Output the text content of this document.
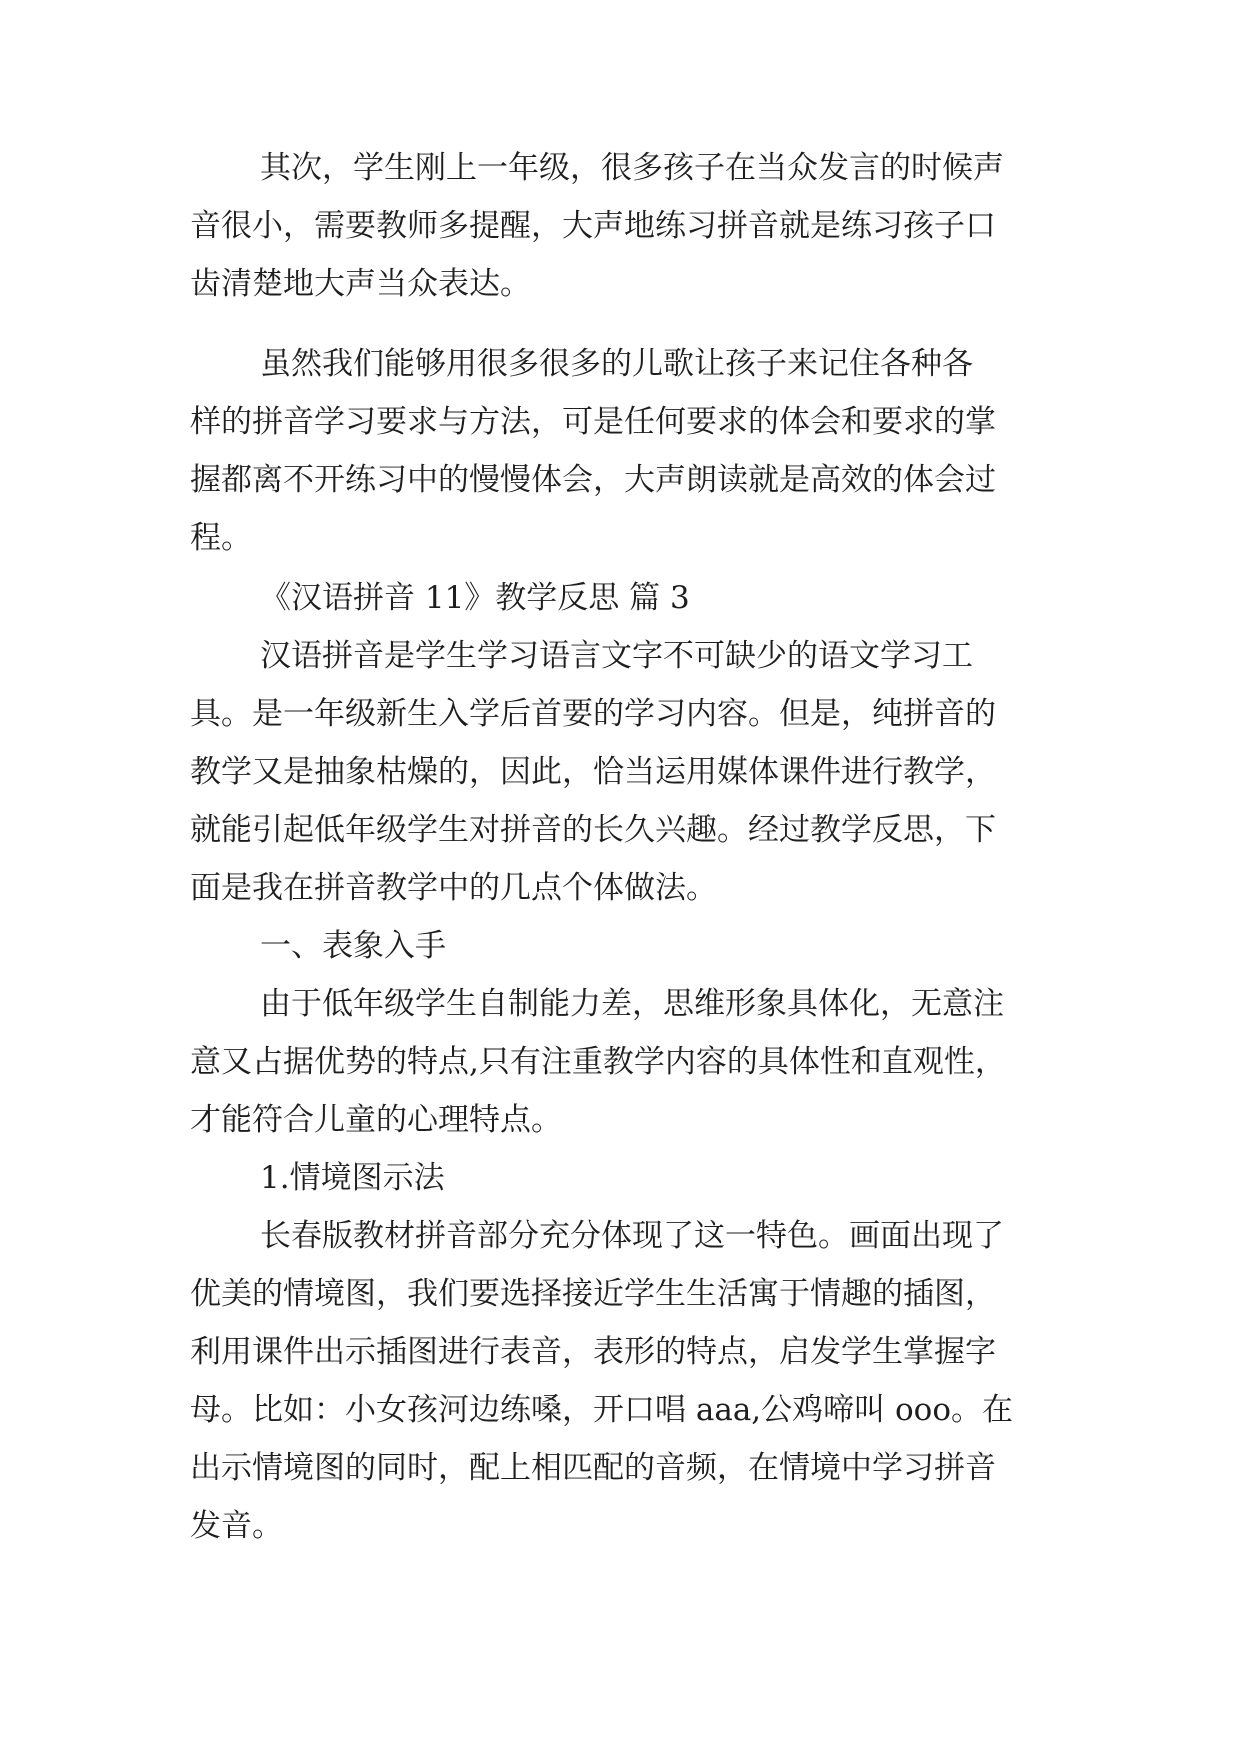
其次，学生刚上一年级，很多孩子在当众发言的时候声
音很小，需要教师多提醒，大声地练习拼音就是练习孩子口
齿清楚地大声当众表达。
虽然我们能够用很多很多的儿歌让孩子来记住各种各
样的拼音学习要求与方法，可是任何要求的体会和要求的掌
握都离不开练习中的慢慢体会，大声朗读就是高效的体会过
程。
《汉语拼音 11》教学反思 篇 3
汉语拼音是学生学习语言文字不可缺少的语文学习工
具。是一年级新生入学后首要的学习内容。但是，纯拼音的
教学又是抽象枯燥的，因此，恰当运用媒体课件进行教学，
就能引起低年级学生对拼音的长久兴趣。经过教学反思，下
面是我在拼音教学中的几点个体做法。
一、表象入手
由于低年级学生自制能力差，思维形象具体化，无意注
意又占据优势的特点,只有注重教学内容的具体性和直观性，
才能符合儿童的心理特点。
1.情境图示法
长春版教材拼音部分充分体现了这一特色。画面出现了
优美的情境图，我们要选择接近学生生活寓于情趣的插图，
利用课件出示插图进行表音，表形的特点，启发学生掌握字
母。比如：小女孩河边练嗓，开口唱 aaa,公鸡啼叫 ooo。在
出示情境图的同时，配上相匹配的音频，在情境中学习拼音
发音。
